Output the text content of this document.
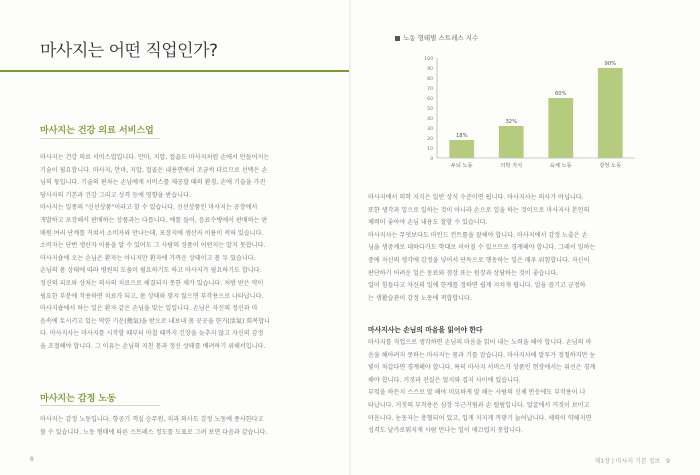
마사지는 어떤 직업인가?
마사지는 건강 의료 서비스업
마사지는 건강 의료 서비스업입니다. 안마, 지압, 접골도 마사지처럼 손에서 만들어지는
기술이 필요합니다. 마사지, 안마, 지압, 접골은 내용면에서 조금씩 다르므로 선택은 손
님의 몫입니다. 기술의 편차는 손님에게 서비스를 제공할 때의 환경, 손에 기술을 가진
당사자의 기본과 건강 그리고 성격 등에 영향을 받습니다.
마사지는 일종의 "신선상품"이라고 할 수 있습니다. 신선상품인 마사지는 공장에서
개발하고 포장해서 판매하는 상품과는 다릅니다. 예를 들어, 음료수병에서 판매하는 판
매원 여러 단계를 거쳐서 소비자와 만나는데, 포장지에 생산자 이름이 적혀 있습니다.
소비자는 단번 생산자 이름을 알 수 있어도 그 사람의 성품이 어떤지는 알지 못합니다.
마사지숍에 오는 손님은 환자는 아니지만 환자에 가까운 상태이고 몸 두 있습니다.
손님의 몸 상태에 따라 병원의 도움이 필요하기도 하고 마사지가 필요하기도 합니다.
정신의 피로와 상처는 의사의 치료으로 해결되지 못한 채가 있습니다. 처방 받은 약이
필요한 부분에 작용하면 치료가 되고, 몸 상태와 맞지 않으면 부작용으로 나타납니다.
마사지숍에서 하는 일은 환자 같은 손님을 맞는 일입니다. 손님은 자신의 정신과 마
음속에 토시키고 있는 막한 기운(幾氣)을 받으로 내보내 몸 곳곳을 한거(活氣) 회복합니
다. 마사지사는 마사지를 시작할 때부터 마칠 때까지 긴장을 늦추지 않고 자신의 감정
을 조절해야 합니다. 그 이유는 손님의 지친 몸과 정신 상태를 배려하기 위해서입니다.
마사지는 감정 노동
마사지는 감정 노동입니다. 항공기 객실 승무원, 치과 의사도 감정 노동에 종사한다고
볼 수 있습니다. 노동 형태에 따른 스트레스 정도를 도표로 그려 보면 다음과 같습니다.
8
노동 형태별 스트레스 지수
0
10
20
30
40
50
60
70
80
90
100
18%
32%
60%
90%
두뇌 노동	의학 지식	육체 노동	감정 노동
마사지에서 의학 지식은 일반 상식 수준이면 됩니다. 마사지사는 의사가 아닙니다.
또한 생각과 일으로 일하는 것이 아니라 손으로 일을 하는 것이므로 마사지사 본인의
체력이 좋아야 손님 내용도 잘할 수 있습니다.
마사지사는 무엇보다도 마인드 컨트롤을 잘해야 합니다. 마사지에서 감정 노출은 손
님을 생중계로 대하다가도 학대로 이어질 수 있으므로 경계해야 합니다. 그래서 일하는
중에 자신의 생각에 감정을 넣어서 단독으로 행동하는 일은 매우 위험합니다. 자신이
판단하기 어려운 일은 동료와 점장 또는 원장과 상담하는 것이 좋습니다.
일이 힘들다고 자신의 일에 한계를 정하면 쉽게 지치게 됩니다. 일을 즐기고 긍정하
는 생활습관이 감정 노동에 적합합니다.
마사지사는 손님의 마음을 읽어야 한다
마사지를 직업으로 생각하면 손님의 마음을 읽어 내는 노력을 해야 합니다. 손님의 마
음을 헤아려지 못하는 마사지는 몸과 기를 잡습니다. 마사지사에 말투가 정철하지만 눈
빛이 차갑다면 경계해야 합니다. 특히 마사지 서비스가 상품인 현장에서는 위선은 경계
해야 합니다. 거짓과 진실은 멀지와 겹지 사이에 있습니다.
부엌을 하든지 스스로 말 해야 미묘하게 말 해는 사람의 신체 반응에도 부작용이 나
타납니다. 거짓의 부작용은 심장 두근거림과 손 떨림입니다. 얼굴에서 거짓이 보이고
마음니다. 눈동자는 충혈되어 있고, 입게 지지게 까맣기 늘어납니다. 체력이 약해지면
성격도 날카로워지게 사람 만나는 일이 매끄럽지 못합니다.
제1장 | 마사지 기본 정보 9
